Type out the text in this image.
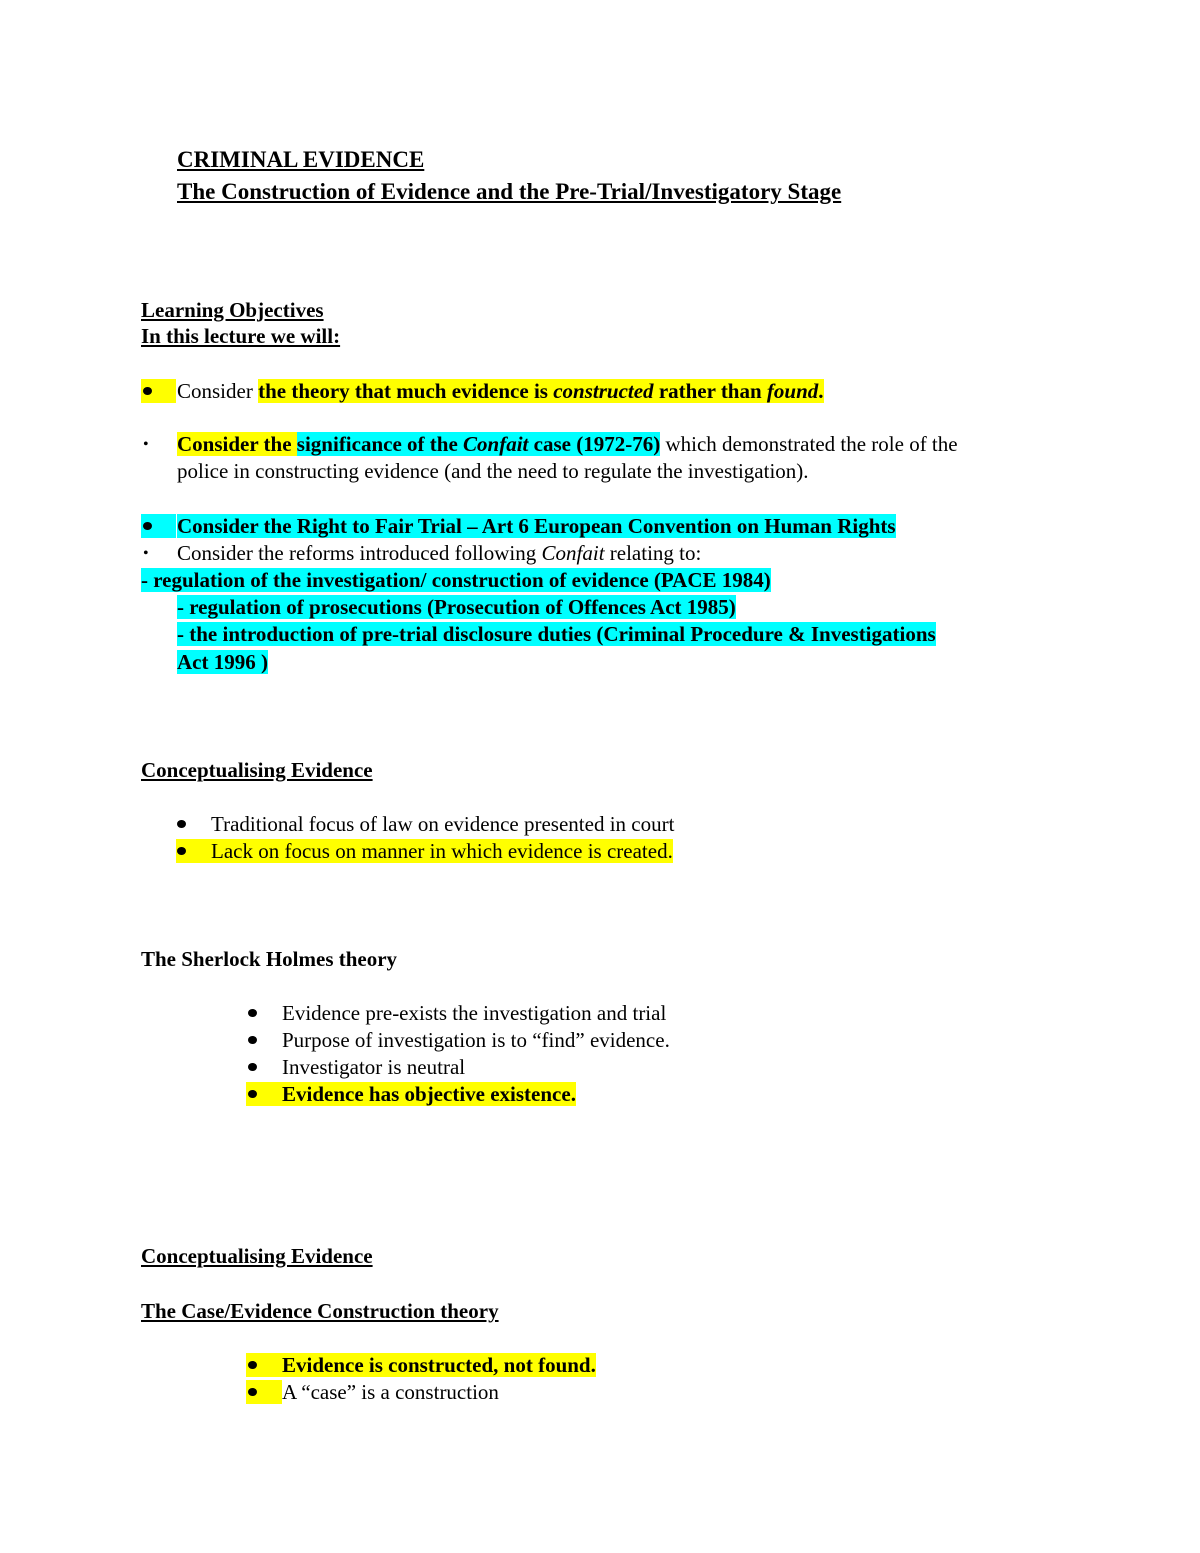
CRIMINAL EVIDENCE
The Construction of Evidence and the Pre-Trial/Investigatory Stage
Learning Objectives
In this lecture we will:
Consider the theory that much evidence is constructed rather than found.
• Consider the significance of the Confait case (1972-76) which demonstrated the role of the
police in constructing evidence (and the need to regulate the investigation).
Consider the Right to Fair Trial – Art 6 European Convention on Human Rights
• Consider the reforms introduced following Confait relating to:
- regulation of the investigation/ construction of evidence (PACE 1984)
- regulation of prosecutions (Prosecution of Offences Act 1985)
- the introduction of pre-trial disclosure duties (Criminal Procedure & Investigations
Act 1996 )
Conceptualising Evidence
Traditional focus of law on evidence presented in court
Lack on focus on manner in which evidence is created.
The Sherlock Holmes theory
Evidence pre-exists the investigation and trial
Purpose of investigation is to “find” evidence.
Investigator is neutral
Evidence has objective existence.
Conceptualising Evidence
The Case/Evidence Construction theory
Evidence is constructed, not found.
A “case” is a construction
